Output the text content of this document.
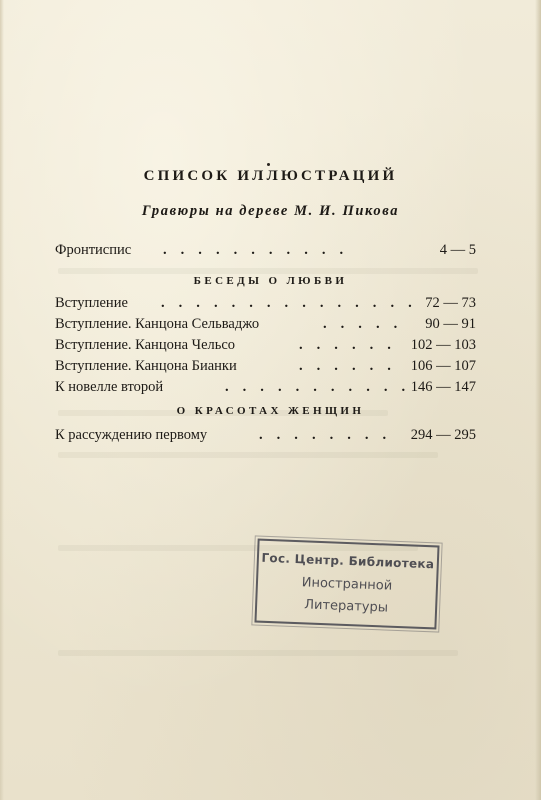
СПИСОК ИЛЛЮСТРАЦИЙ
Гравюры на дереве М. И. Пикова
Фронтиспис . . . . . . . . . . .	4 — 5
БЕСЕДЫ О ЛЮБВИ
Вступление . . . . . . . . . . . . . . . 72 — 73
Вступление. Канцона Сельваджо	. . . . . 90 — 91
Вступление. Канцона Чельсо	. . . . . . 102 — 103
Вступление. Канцона Бианки	. . . . . . 106 — 107
К новелле второй	. . . . . . . . . . . 146 — 147
О КРАСОТАХ ЖЕНЩИН
К рассуждению первому	. . . . . . . . 294 — 295
Гос. Центр. Библиотека
Иностранной
Литературы
